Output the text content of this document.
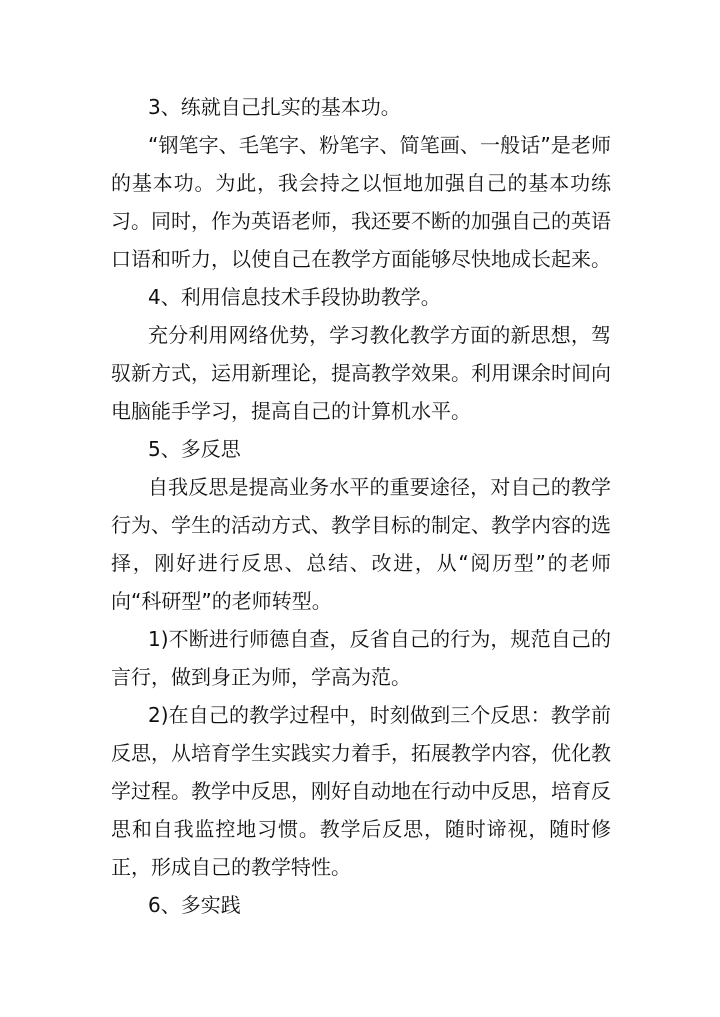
3、练就自己扎实的基本功。

“钢笔字、毛笔字、粉笔字、简笔画、一般话”是老师的基本功。为此，我会持之以恒地加强自己的基本功练习。同时，作为英语老师，我还要不断的加强自己的英语口语和听力，以使自己在教学方面能够尽快地成长起来。

4、利用信息技术手段协助教学。

充分利用网络优势，学习教化教学方面的新思想，驾驭新方式，运用新理论，提高教学效果。利用课余时间向电脑能手学习，提高自己的计算机水平。

5、多反思

自我反思是提高业务水平的重要途径，对自己的教学行为、学生的活动方式、教学目标的制定、教学内容的选择，刚好进行反思、总结、改进，从“阅历型”的老师向“科研型”的老师转型。

1)不断进行师德自查，反省自己的行为，规范自己的言行，做到身正为师，学高为范。

2)在自己的教学过程中，时刻做到三个反思：教学前反思，从培育学生实践实力着手，拓展教学内容，优化教学过程。教学中反思，刚好自动地在行动中反思，培育反思和自我监控地习惯。教学后反思，随时谛视，随时修正，形成自己的教学特性。

6、多实践
